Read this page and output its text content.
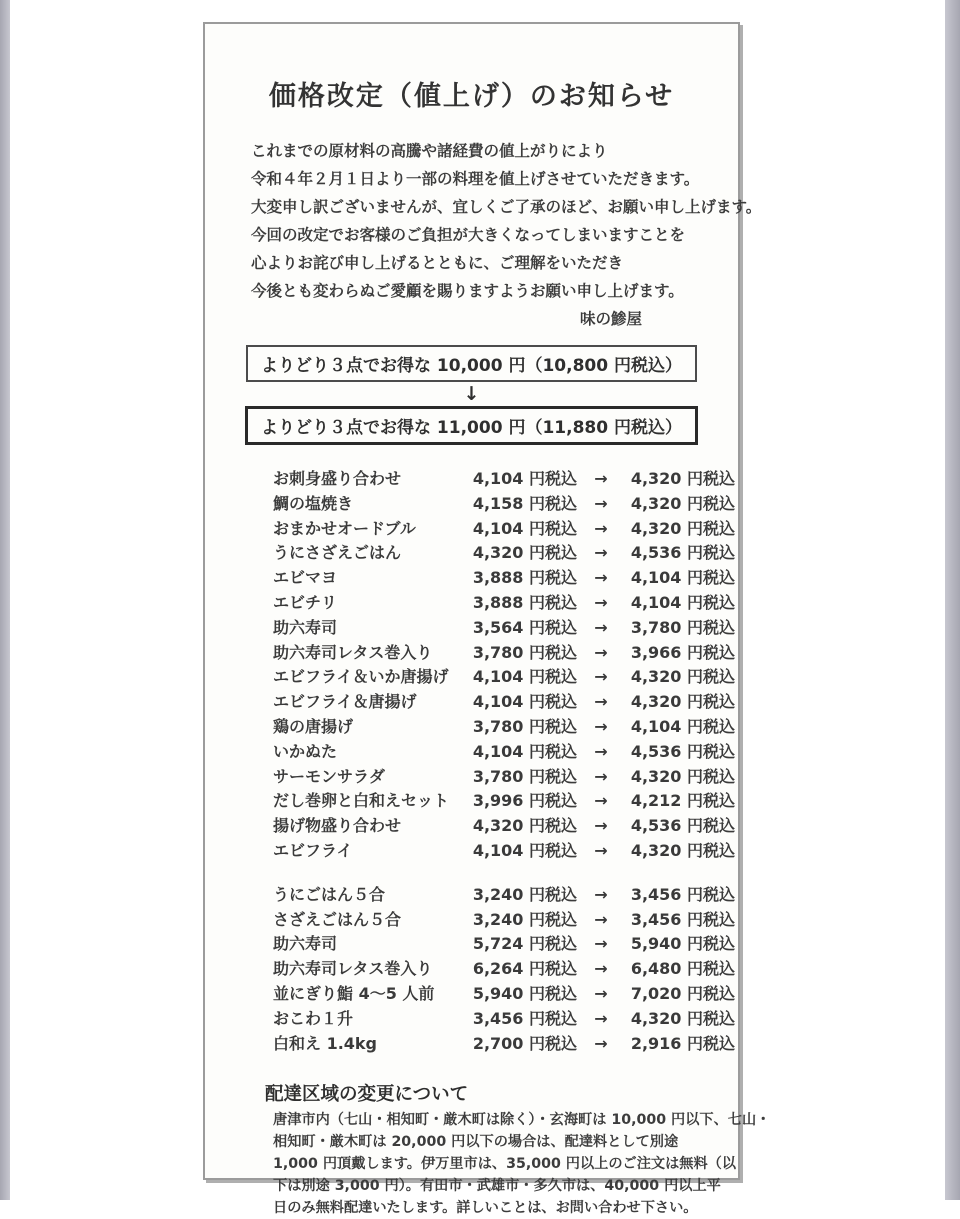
価格改定（値上げ）のお知らせ
これまでの原材料の高騰や諸経費の値上がりにより
令和４年２月１日より一部の料理を値上げさせていただきます。
大変申し訳ございませんが、宜しくご了承のほど、お願い申し上げます。
今回の改定でお客様のご負担が大きくなってしまいますことを
心よりお詫び申し上げるとともに、ご理解をいただき
今後とも変わらぬご愛顧を賜りますようお願い申し上げます。
味の鯵屋
よりどり３点でお得な 10,000 円（10,800 円税込）
↓
よりどり３点でお得な 11,000 円（11,880 円税込）
お刺身盛り合わせ	4,104 円税込	→	4,320 円税込
鯛の塩焼き	4,158 円税込	→	4,320 円税込
おまかせオードブル	4,104 円税込	→	4,320 円税込
うにさざえごはん	4,320 円税込	→	4,536 円税込
エビマヨ	3,888 円税込	→	4,104 円税込
エビチリ	3,888 円税込	→	4,104 円税込
助六寿司	3,564 円税込	→	3,780 円税込
助六寿司レタス巻入り	3,780 円税込	→	3,966 円税込
エビフライ＆いか唐揚げ	4,104 円税込	→	4,320 円税込
エビフライ＆唐揚げ	4,104 円税込	→	4,320 円税込
鶏の唐揚げ	3,780 円税込	→	4,104 円税込
いかぬた	4,104 円税込	→	4,536 円税込
サーモンサラダ	3,780 円税込	→	4,320 円税込
だし巻卵と白和えセット	3,996 円税込	→	4,212 円税込
揚げ物盛り合わせ	4,320 円税込	→	4,536 円税込
エビフライ	4,104 円税込	→	4,320 円税込
うにごはん５合	3,240 円税込	→	3,456 円税込
さざえごはん５合	3,240 円税込	→	3,456 円税込
助六寿司	5,724 円税込	→	5,940 円税込
助六寿司レタス巻入り	6,264 円税込	→	6,480 円税込
並にぎり鮨 4〜5 人前	5,940 円税込	→	7,020 円税込
おこわ１升	3,456 円税込	→	4,320 円税込
白和え 1.4kg	2,700 円税込	→	2,916 円税込
配達区域の変更について
唐津市内（七山・相知町・厳木町は除く）・玄海町は 10,000 円以下、七山・
相知町・厳木町は 20,000 円以下の場合は、配達料として別途
1,000 円頂戴します。伊万里市は、35,000 円以上のご注文は無料（以
下は別途 3,000 円）。有田市・武雄市・多久市は、40,000 円以上平
日のみ無料配達いたします。詳しいことは、お問い合わせ下さい。
